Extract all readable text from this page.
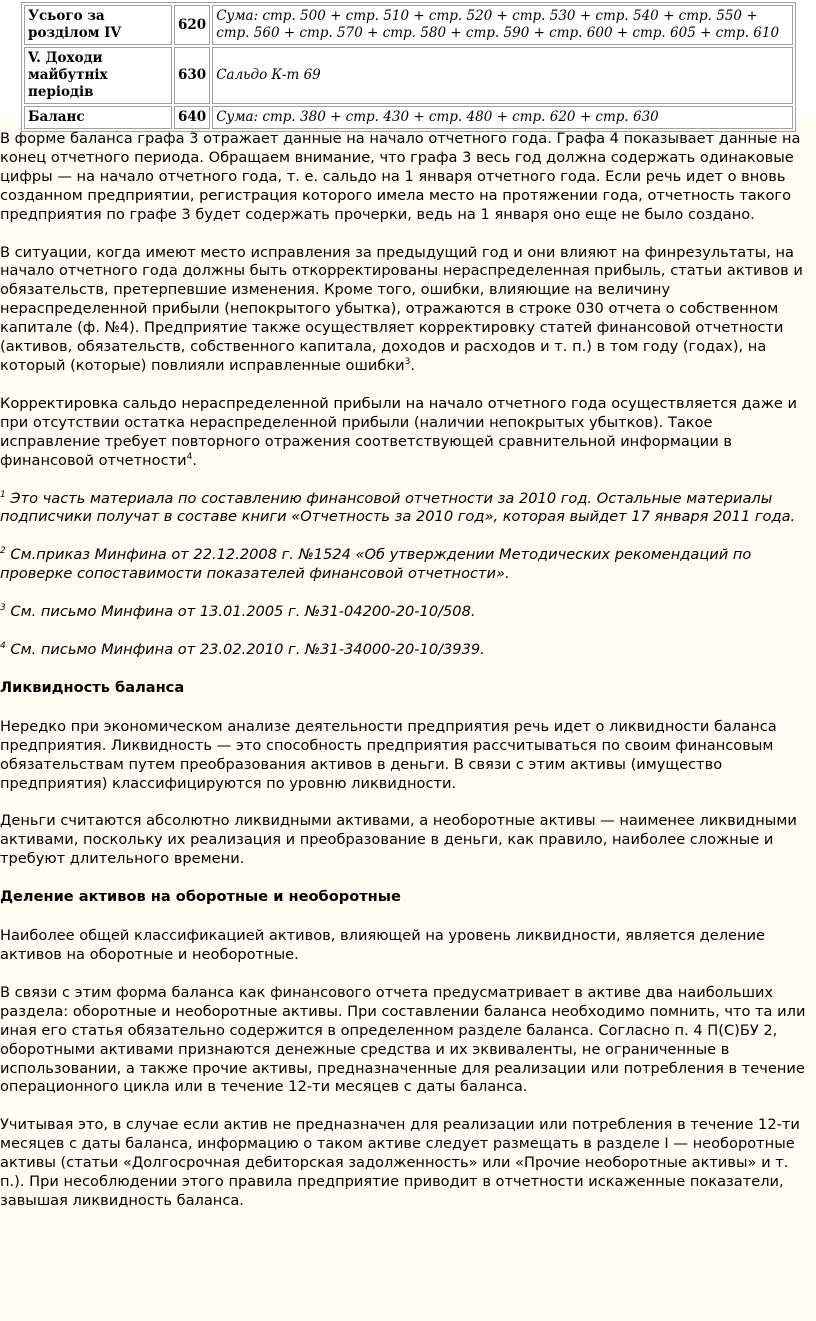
Усього за розділом IV	620	Сума: стр. 500 + стр. 510 + стр. 520 + стр. 530 + стр. 540 + стр. 550 + стр. 560 + стр. 570 + стр. 580 + стр. 590 + стр. 600 + стр. 605 + стр. 610
V. Доходи майбутніх періодів	630	Сальдо К-т 69
Баланс	640	Сума: стр. 380 + стр. 430 + стр. 480 + стр. 620 + стр. 630

В форме баланса графа 3 отражает данные на начало отчетного года. Графа 4 показывает данные на конец отчетного периода. Обращаем внимание, что графа 3 весь год должна содержать одинаковые цифры — на начало отчетного года, т. е. сальдо на 1 января отчетного года. Если речь идет о вновь созданном предприятии, регистрация которого имела место на протяжении года, отчетность такого предприятия по графе 3 будет содержать прочерки, ведь на 1 января оно еще не было создано.

В ситуации, когда имеют место исправления за предыдущий год и они влияют на финрезультаты, на начало отчетного года должны быть откорректированы нераспределенная прибыль, статьи активов и обязательств, претерпевшие изменения. Кроме того, ошибки, влияющие на величину нераспределенной прибыли (непокрытого убытка), отражаются в строке 030 отчета о собственном капитале (ф. №4). Предприятие также осуществляет корректировку статей финансовой отчетности (активов, обязательств, собственного капитала, доходов и расходов и т. п.) в том году (годах), на который (которые) повлияли исправленные ошибки$^3$.

Корректировка сальдо нераспределенной прибыли на начало отчетного года осуществляется даже и при отсутствии остатка нераспределенной прибыли (наличии непокрытых убытков). Такое исправление требует повторного отражения соответствующей сравнительной информации в финансовой отчетности$^4$.

$^1$ Это часть материала по составлению финансовой отчетности за 2010 год. Остальные материалы подписчики получат в составе книги «Отчетность за 2010 год», которая выйдет 17 января 2011 года.

$^2$ См.приказ Минфина от 22.12.2008 г. №1524 «Об утверждении Методических рекомендаций по проверке сопоставимости показателей финансовой отчетности».

$^3$ См. письмо Минфина от 13.01.2005 г. №31-04200-20-10/508.

$^4$ См. письмо Минфина от 23.02.2010 г. №31-34000-20-10/3939.

Ликвидность баланса

Нередко при экономическом анализе деятельности предприятия речь идет о ликвидности баланса предприятия. Ликвидность — это способность предприятия рассчитываться по своим финансовым обязательствам путем преобразования активов в деньги. В связи с этим активы (имущество предприятия) классифицируются по уровню ликвидности.

Деньги считаются абсолютно ликвидными активами, а необоротные активы — наименее ликвидными активами, поскольку их реализация и преобразование в деньги, как правило, наиболее сложные и требуют длительного времени.

Деление активов на оборотные и необоротные

Наиболее общей классификацией активов, влияющей на уровень ликвидности, является деление активов на оборотные и необоротные.

В связи с этим форма баланса как финансового отчета предусматривает в активе два наибольших раздела: оборотные и необоротные активы. При составлении баланса необходимо помнить, что та или иная его статья обязательно содержится в определенном разделе баланса. Согласно п. 4 П(С)БУ 2, оборотными активами признаются денежные средства и их эквиваленты, не ограниченные в использовании, а также прочие активы, предназначенные для реализации или потребления в течение операционного цикла или в течение 12-ти месяцев с даты баланса.

Учитывая это, в случае если актив не предназначен для реализации или потребления в течение 12-ти месяцев с даты баланса, информацию о таком активе следует размещать в разделе I — необоротные активы (статьи «Долгосрочная дебиторская задолженность» или «Прочие необоротные активы» и т. п.). При несоблюдении этого правила предприятие приводит в отчетности искаженные показатели, завышая ликвидность баланса.
